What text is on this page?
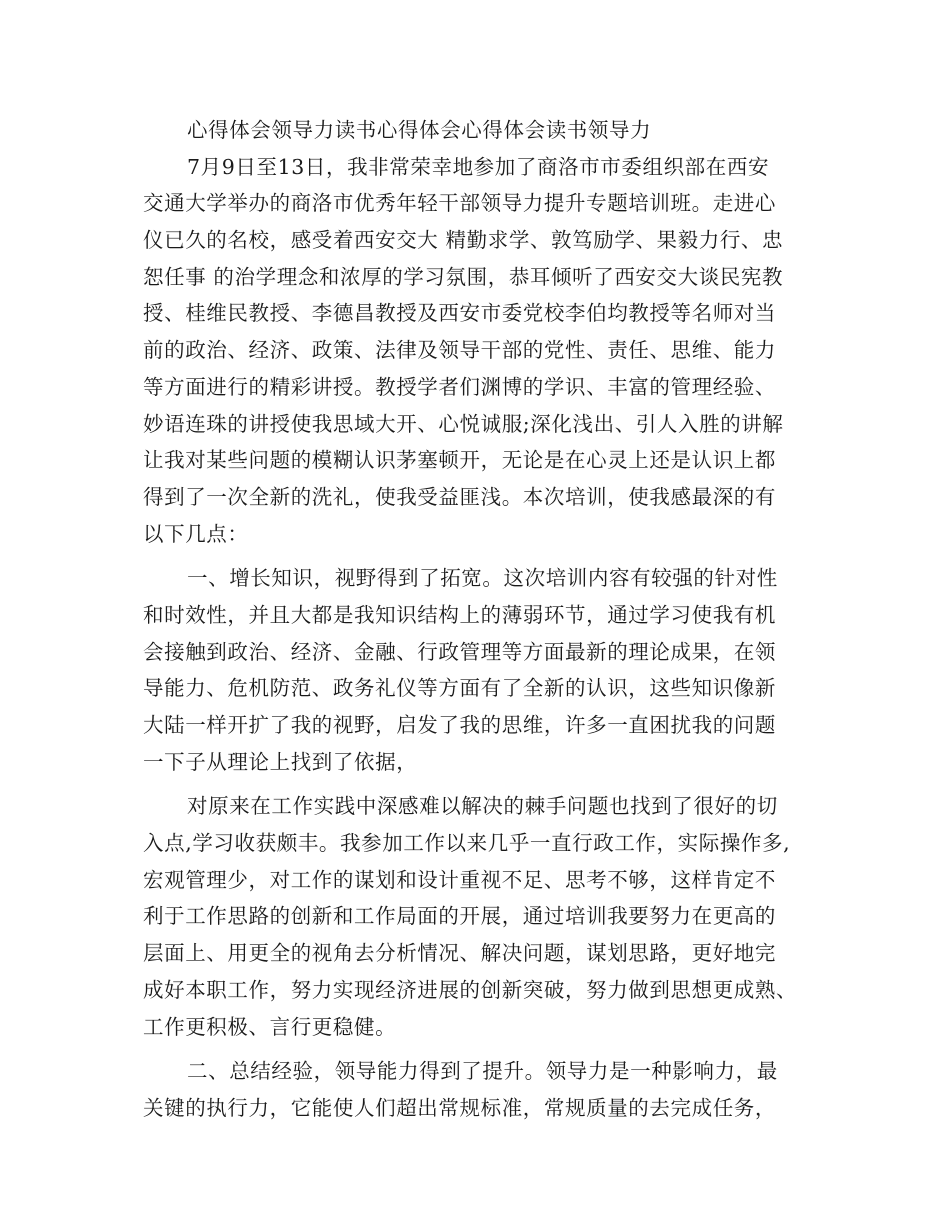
心得体会领导力读书心得体会心得体会读书领导力
7月9日至13日，我非常荣幸地参加了商洛市市委组织部在西安
交通大学举办的商洛市优秀年轻干部领导力提升专题培训班。走进心
仪已久的名校，感受着西安交大 精勤求学、敦笃励学、果毅力行、忠
恕任事 的治学理念和浓厚的学习氛围，恭耳倾听了西安交大谈民宪教
授、桂维民教授、李德昌教授及西安市委党校李伯均教授等名师对当
前的政治、经济、政策、法律及领导干部的党性、责任、思维、能力
等方面进行的精彩讲授。教授学者们渊博的学识、丰富的管理经验、
妙语连珠的讲授使我思域大开、心悦诚服;深化浅出、引人入胜的讲解
让我对某些问题的模糊认识茅塞顿开，无论是在心灵上还是认识上都
得到了一次全新的洗礼，使我受益匪浅。本次培训，使我感最深的有
以下几点：
一、增长知识，视野得到了拓宽。这次培训内容有较强的针对性
和时效性，并且大都是我知识结构上的薄弱环节，通过学习使我有机
会接触到政治、经济、金融、行政管理等方面最新的理论成果，在领
导能力、危机防范、政务礼仪等方面有了全新的认识，这些知识像新
大陆一样开扩了我的视野，启发了我的思维，许多一直困扰我的问题
一下子从理论上找到了依据，
对原来在工作实践中深感难以解决的棘手问题也找到了很好的切
入点,学习收获颇丰。我参加工作以来几乎一直行政工作，实际操作多,
宏观管理少，对工作的谋划和设计重视不足、思考不够，这样肯定不
利于工作思路的创新和工作局面的开展，通过培训我要努力在更高的
层面上、用更全的视角去分析情况、解决问题，谋划思路，更好地完
成好本职工作，努力实现经济进展的创新突破，努力做到思想更成熟、
工作更积极、言行更稳健。
二、总结经验，领导能力得到了提升。领导力是一种影响力，最
关键的执行力，它能使人们超出常规标准，常规质量的去完成任务，
